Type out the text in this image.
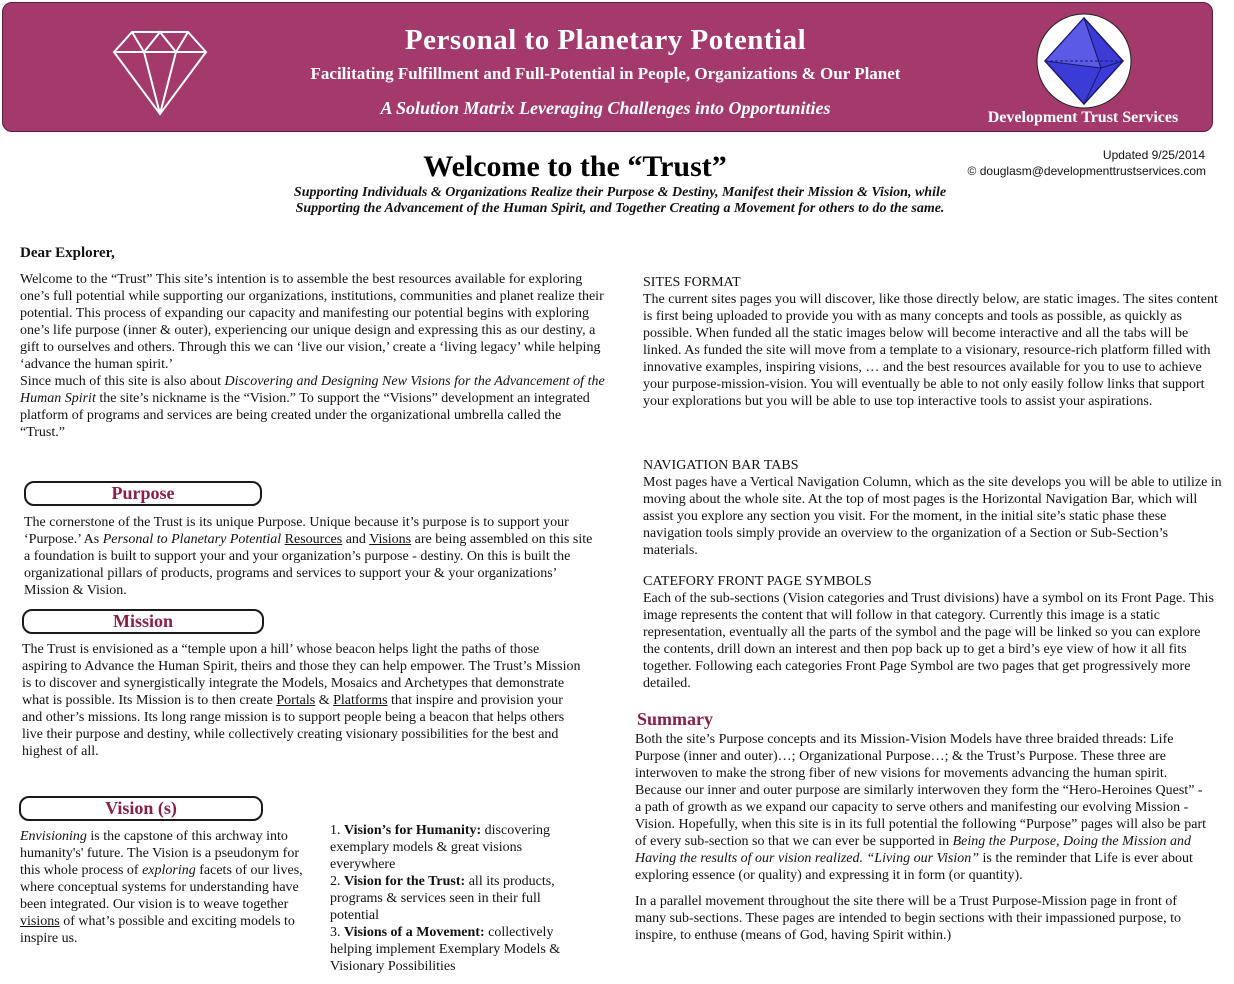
Personal to Planetary Potential
Facilitating Fulfillment and Full-Potential in People, Organizations & Our Planet
A Solution Matrix Leveraging Challenges into Opportunities	Development Trust Services
Welcome to the “Trust”	Updated 9/25/2014
© douglasm@developmenttrustservices.com
Supporting Individuals & Organizations Realize their Purpose & Destiny, Manifest their Mission & Vision, while
Supporting the Advancement of the Human Spirit, and Together Creating a Movement for others to do the same.
Dear Explorer,

Welcome to the “Trust” This site’s intention is to assemble the best resources available for exploring one’s full potential while supporting our organizations, institutions, communities and planet realize their potential. This process of expanding our capacity and manifesting our potential begins with exploring one’s life purpose (inner & outer), experiencing our unique design and expressing this as our destiny, a gift to ourselves and others. Through this we can ‘live our vision,’ create a ‘living legacy’ while helping ‘advance the human spirit.’

Since much of this site is also about Discovering and Designing New Visions for the Advancement of the Human Spirit the site’s nickname is the “Vision.” To support the “Visions” development an integrated platform of programs and services are being created under the organizational umbrella called the “Trust.”

Purpose
The cornerstone of the Trust is its unique Purpose. Unique because it’s purpose is to support your ‘Purpose.’ As Personal to Planetary Potential Resources and Visions are being assembled on this site a foundation is built to support your and your organization’s purpose - destiny. On this is built the organizational pillars of products, programs and services to support your & your organizations’ Mission & Vision.
Mission
The Trust is envisioned as a “temple upon a hill’ whose beacon helps light the paths of those aspiring to Advance the Human Spirit, theirs and those they can help empower. The Trust’s Mission is to discover and synergistically integrate the Models, Mosaics and Archetypes that demonstrate what is possible. Its Mission is to then create Portals & Platforms that inspire and provision your and other’s missions. Its long range mission is to support people being a beacon that helps others live their purpose and destiny, while collectively creating visionary possibilities for the best and highest of all.
Vision (s)
Envisioning is the capstone of this archway into humanity's' future. The Vision is a pseudonym for this whole process of exploring facets of our lives, where conceptual systems for understanding have been integrated. Our vision is to weave together visions of what’s possible and exciting models to inspire us.
1. Vision’s for Humanity: discovering exemplary models & great visions everywhere
2. Vision for the Trust: all its products, programs & services seen in their full potential
3. Visions of a Movement: collectively helping implement Exemplary Models & Visionary Possibilities
SITES FORMAT

The current sites pages you will discover, like those directly below, are static images. The sites content is first being uploaded to provide you with as many concepts and tools as possible, as quickly as possible. When funded all the static images below will become interactive and all the tabs will be linked. As funded the site will move from a template to a visionary, resource-rich platform filled with innovative examples, inspiring visions, … and the best resources available for you to use to achieve your purpose-mission-vision. You will eventually be able to not only easily follow links that support your explorations but you will be able to use top interactive tools to assist your aspirations.

NAVIGATION BAR TABS

Most pages have a Vertical Navigation Column, which as the site develops you will be able to utilize in moving about the whole site. At the top of most pages is the Horizontal Navigation Bar, which will assist you explore any section you visit. For the moment, in the initial site’s static phase these navigation tools simply provide an overview to the organization of a Section or Sub-Section’s materials.

CATEFORY FRONT PAGE SYMBOLS

Each of the sub-sections (Vision categories and Trust divisions) have a symbol on its Front Page. This image represents the content that will follow in that category. Currently this image is a static representation, eventually all the parts of the symbol and the page will be linked so you can explore the contents, drill down an interest and then pop back up to get a bird’s eye view of how it all fits together. Following each categories Front Page Symbol are two pages that get progressively more detailed.

Summary

Both the site’s Purpose concepts and its Mission-Vision Models have three braided threads: Life Purpose (inner and outer)…; Organizational Purpose…; & the Trust’s Purpose. These three are interwoven to make the strong fiber of new visions for movements advancing the human spirit.

Because our inner and outer purpose are similarly interwoven they form the “Hero-Heroines Quest” - a path of growth as we expand our capacity to serve others and manifesting our evolving Mission - Vision. Hopefully, when this site is in its full potential the following “Purpose” pages will also be part of every sub-section so that we can ever be supported in Being the Purpose, Doing the Mission and Having the results of our vision realized. “Living our Vision” is the reminder that Life is ever about exploring essence (or quality) and expressing it in form (or quantity).

In a parallel movement throughout the site there will be a Trust Purpose-Mission page in front of many sub-sections. These pages are intended to begin sections with their impassioned purpose, to inspire, to enthuse (means of God, having Spirit within.)
